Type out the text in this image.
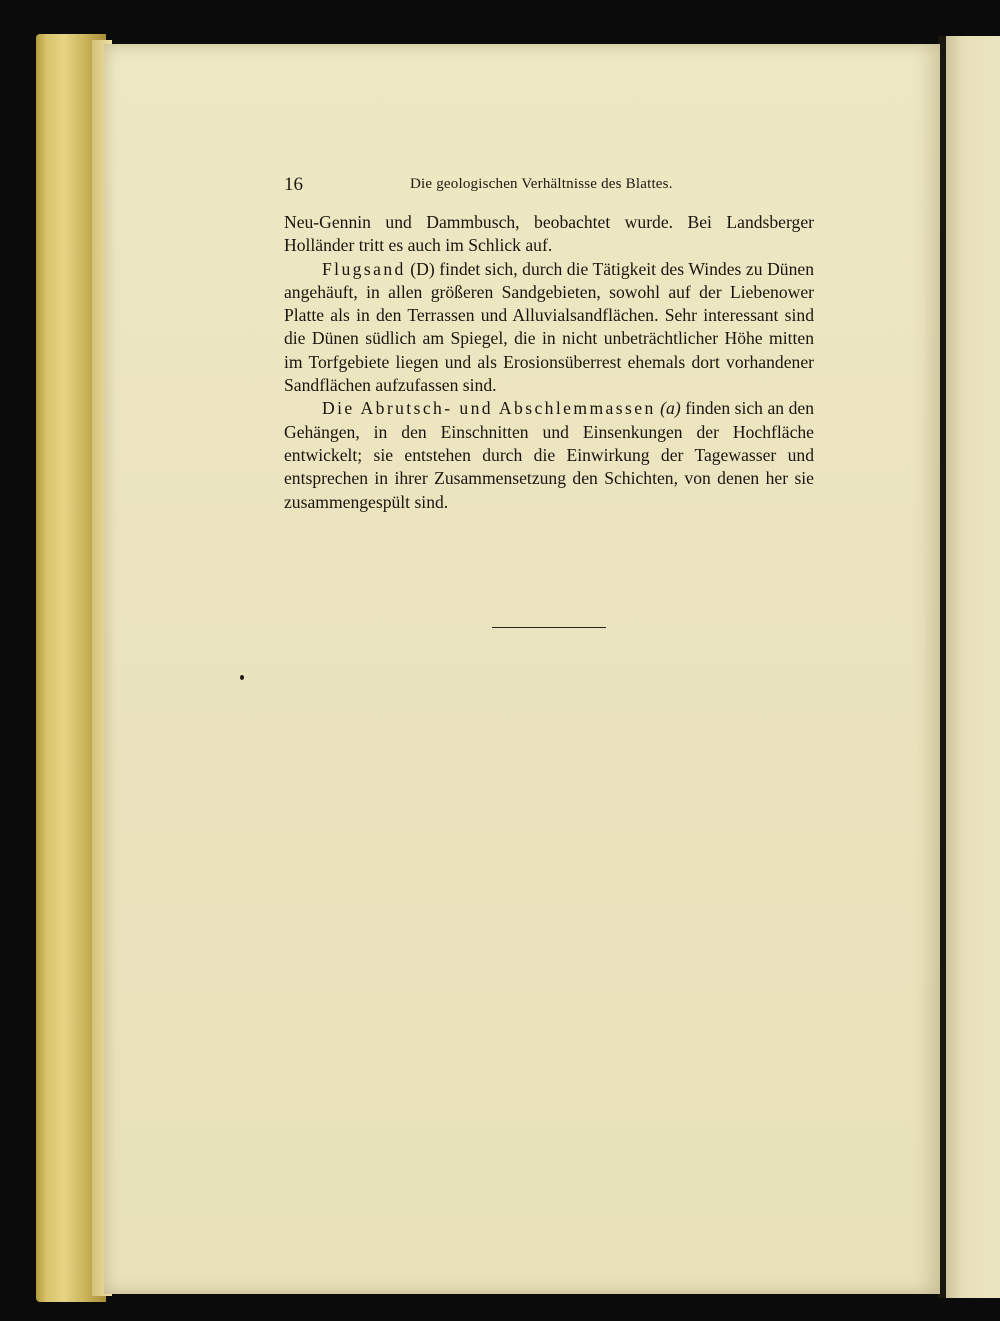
16	Die geologischen Verhältnisse des Blattes.

Neu-Gennin und Dammbusch, beobachtet wurde. Bei Landsberger Holländer tritt es auch im Schlick auf.

Flugsand (D) findet sich, durch die Tätigkeit des Windes zu Dünen angehäuft, in allen größeren Sandgebieten, sowohl auf der Liebenower Platte als in den Terrassen und Alluvialsandflächen. Sehr interessant sind die Dünen südlich am Spiegel, die in nicht unbeträchtlicher Höhe mitten im Torfgebiete liegen und als Erosionsüberrest ehemals dort vorhandener Sandflächen aufzufassen sind.

Die Abrutsch- und Abschlemmassen (a) finden sich an den Gehängen, in den Einschnitten und Einsenkungen der Hochfläche entwickelt; sie entstehen durch die Einwirkung der Tagewasser und entsprechen in ihrer Zusammensetzung den Schichten, von denen her sie zusammengespült sind.
